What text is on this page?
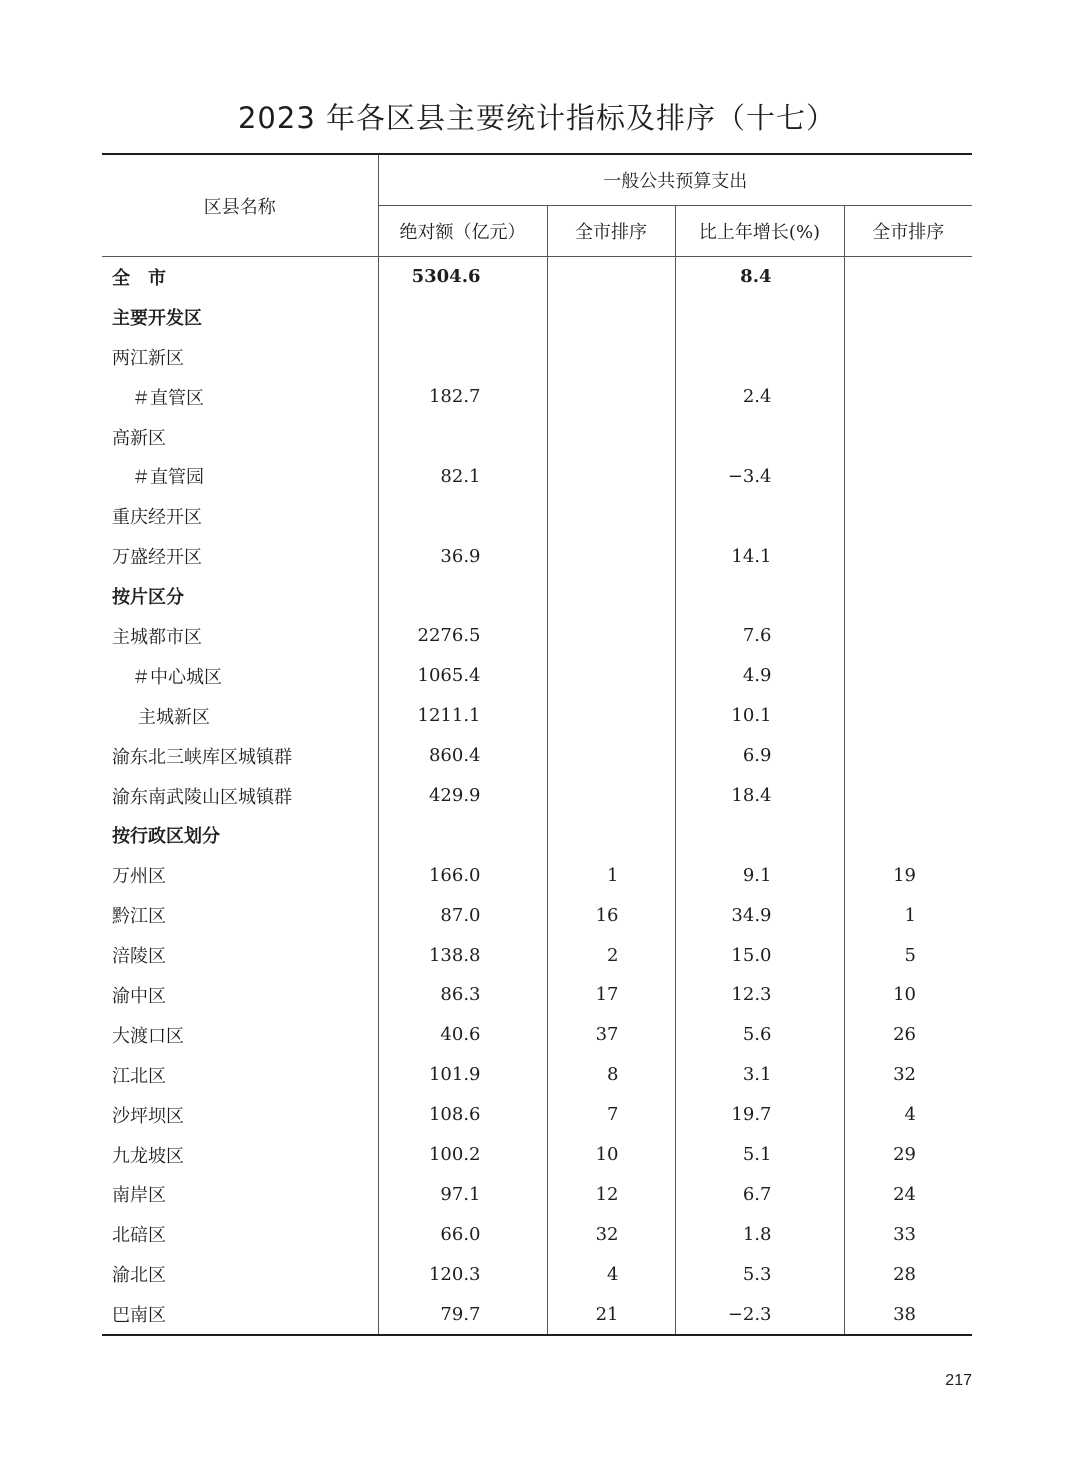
2023 年各区县主要统计指标及排序（十七）
区县名称	一般公共预算支出			
	绝对额（亿元）	全市排序	比上年增长(%)	全市排序
全　市	5304.6		8.4	
主要开发区				
两江新区				
＃直管区	182.7		2.4	
高新区				
＃直管园	82.1		−3.4	
重庆经开区				
万盛经开区	36.9		14.1	
按片区分				
主城都市区	2276.5		7.6	
＃中心城区	1065.4		4.9	
主城新区	1211.1		10.1	
渝东北三峡库区城镇群	860.4		6.9	
渝东南武陵山区城镇群	429.9		18.4	
按行政区划分				
万州区	166.0	1	9.1	19
黔江区	87.0	16	34.9	1
涪陵区	138.8	2	15.0	5
渝中区	86.3	17	12.3	10
大渡口区	40.6	37	5.6	26
江北区	101.9	8	3.1	32
沙坪坝区	108.6	7	19.7	4
九龙坡区	100.2	10	5.1	29
南岸区	97.1	12	6.7	24
北碚区	66.0	32	1.8	33
渝北区	120.3	4	5.3	28
巴南区	79.7	21	−2.3	38
217
